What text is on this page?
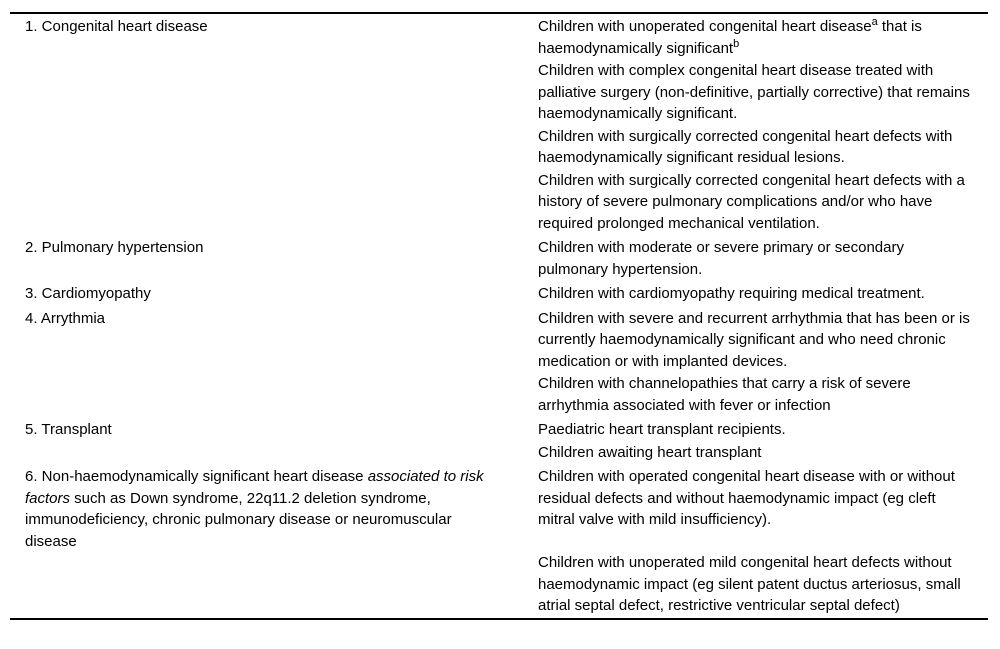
1. Congenital heart disease	Children with unoperated congenital heart disease$^a$ that is haemodynamically significant$^b$

Children with complex congenital heart disease treated with palliative surgery (non-definitive, partially corrective) that remains haemodynamically significant.

Children with surgically corrected congenital heart defects with haemodynamically significant residual lesions.

Children with surgically corrected congenital heart defects with a history of severe pulmonary complications and/or who have required prolonged mechanical ventilation.

2. Pulmonary hypertension	Children with moderate or severe primary or secondary pulmonary hypertension.

3. Cardiomyopathy	Children with cardiomyopathy requiring medical treatment.

4. Arrythmia	Children with severe and recurrent arrhythmia that has been or is currently haemodynamically significant and who need chronic medication or with implanted devices.

Children with channelopathies that carry a risk of severe arrhythmia associated with fever or infection

5. Transplant	Paediatric heart transplant recipients.

Children awaiting heart transplant

6. Non-haemodynamically significant heart disease associated to risk factors such as Down syndrome, 22q11.2 deletion syndrome, immunodeficiency, chronic pulmonary disease or neuromuscular disease	Children with operated congenital heart disease with or without residual defects and without haemodynamic impact (eg cleft mitral valve with mild insufficiency).

Children with unoperated mild congenital heart defects without haemodynamic impact (eg silent patent ductus arteriosus, small atrial septal defect, restrictive ventricular septal defect)
